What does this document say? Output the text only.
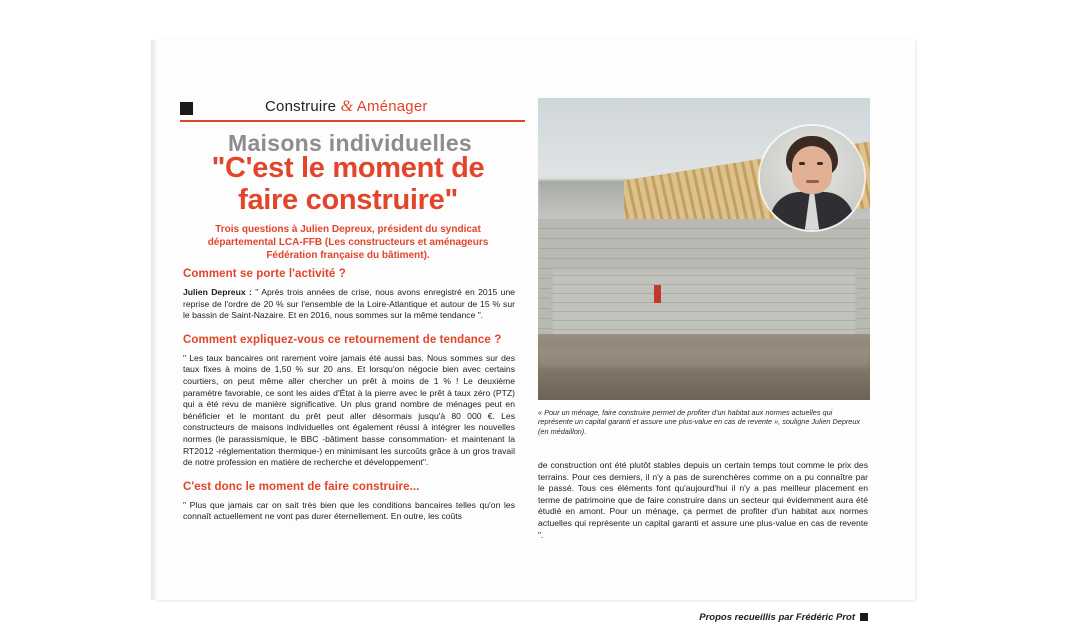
Construire & Aménager
Maisons individuelles
"C'est le moment de
faire construire"
Trois questions à Julien Depreux, président du syndicat départemental LCA-FFB (Les constructeurs et aménageurs Fédération française du bâtiment).
« Pour un ménage, faire construire permet de profiter d'un habitat aux normes actuelles qui représente un capital garanti et assure une plus-value en cas de revente », souligne Julien Depreux (en médaillon).
Comment se porte l'activité ?

Julien Depreux : " Après trois années de crise, nous avons enregistré en 2015 une reprise de l'ordre de 20 % sur l'ensemble de la Loire-Atlantique et autour de 15 % sur le bassin de Saint-Nazaire. Et en 2016, nous sommes sur la même tendance ".

Comment expliquez-vous ce retournement de tendance ?

" Les taux bancaires ont rarement voire jamais été aussi bas. Nous sommes sur des taux fixes à moins de 1,50 % sur 20 ans. Et lorsqu'on négocie bien avec certains courtiers, on peut même aller chercher un prêt à moins de 1 % ! Le deuxième paramètre favorable, ce sont les aides d'État à la pierre avec le prêt à taux zéro (PTZ) qui a été revu de manière significative. Un plus grand nombre de ménages peut en bénéficier et le montant du prêt peut aller désormais jusqu'à 80 000 €. Les constructeurs de maisons individuelles ont également réussi à intégrer les nouvelles normes (le parassismique, le BBC -bâtiment basse consommation- et maintenant la RT2012 -réglementation thermique-) en minimisant les surcoûts grâce à un gros travail de notre profession en matière de recherche et développement".

C'est donc le moment de faire construire...

" Plus que jamais car on sait très bien que les conditions bancaires telles qu'on les connaît actuellement ne vont pas durer éternellement. En outre, les coûts

de construction ont été plutôt stables depuis un certain temps tout comme le prix des terrains. Pour ces derniers, il n'y a pas de surenchères comme on a pu connaître par le passé. Tous ces éléments font qu'aujourd'hui il n'y a pas meilleur placement en terme de patrimoine que de faire construire dans un secteur qui évidemment aura été étudié en amont. Pour un ménage, ça permet de profiter d'un habitat aux normes actuelles qui représente un capital garanti et assure une plus-value en cas de revente ".

Propos recueillis par Frédéric Prot
